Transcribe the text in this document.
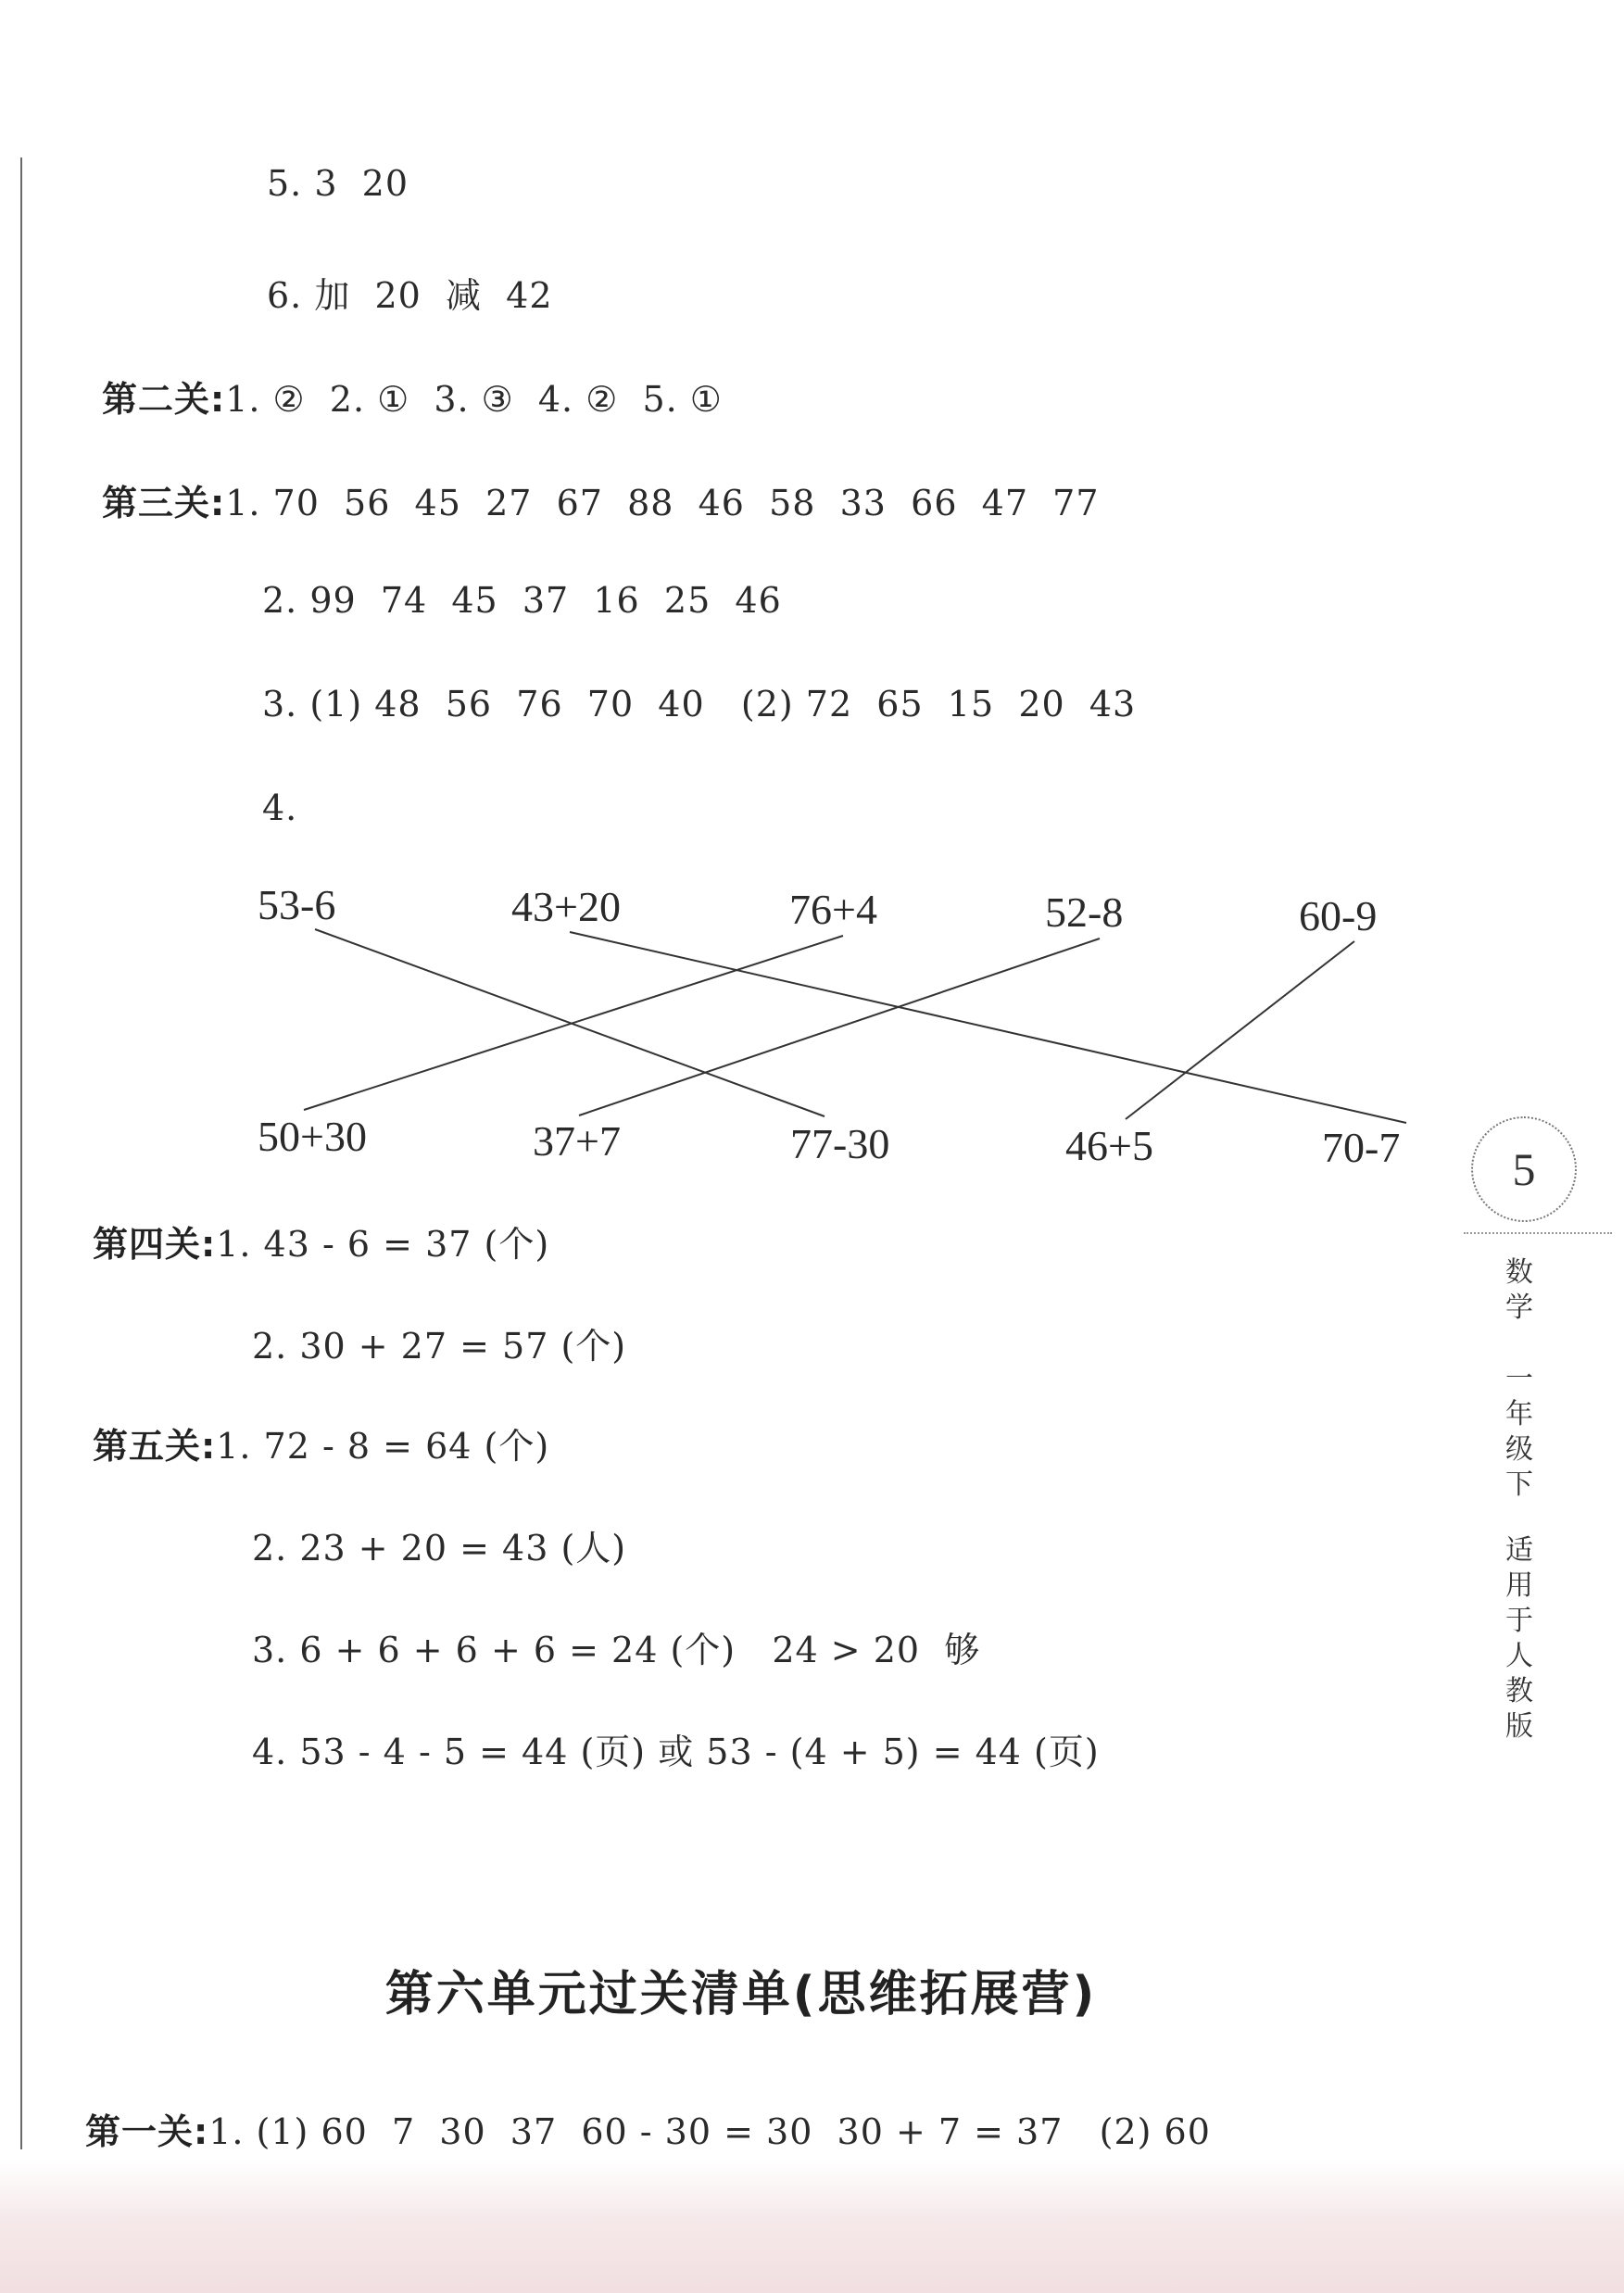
5. 3  20
6. 加  20  减  42
第二关:1. ②  2. ①  3. ③  4. ②  5. ①
第三关:1. 70  56  45  27  67  88  46  58  33  66  47  77
2. 99  74  45  37  16  25  46
3. (1) 48  56  76  70  40   (2) 72  65  15  20  43
4.
53-6	43+20	76+4	52-8	60-9
50+30	37+7	77-30	46+5	70-7
第四关:1. 43 - 6 = 37 (个)
2. 30 + 27 = 57 (个)
第五关:1. 72 - 8 = 64 (个)
2. 23 + 20 = 43 (人)
3. 6 + 6 + 6 + 6 = 24 (个)   24 > 20  够
4. 53 - 4 - 5 = 44 (页) 或 53 - (4 + 5) = 44 (页)
第六单元过关清单(思维拓展营)
第一关:1. (1) 60  7  30  37  60 - 30 = 30  30 + 7 = 37   (2) 60
5
数学
一年级下
适用于人教版
